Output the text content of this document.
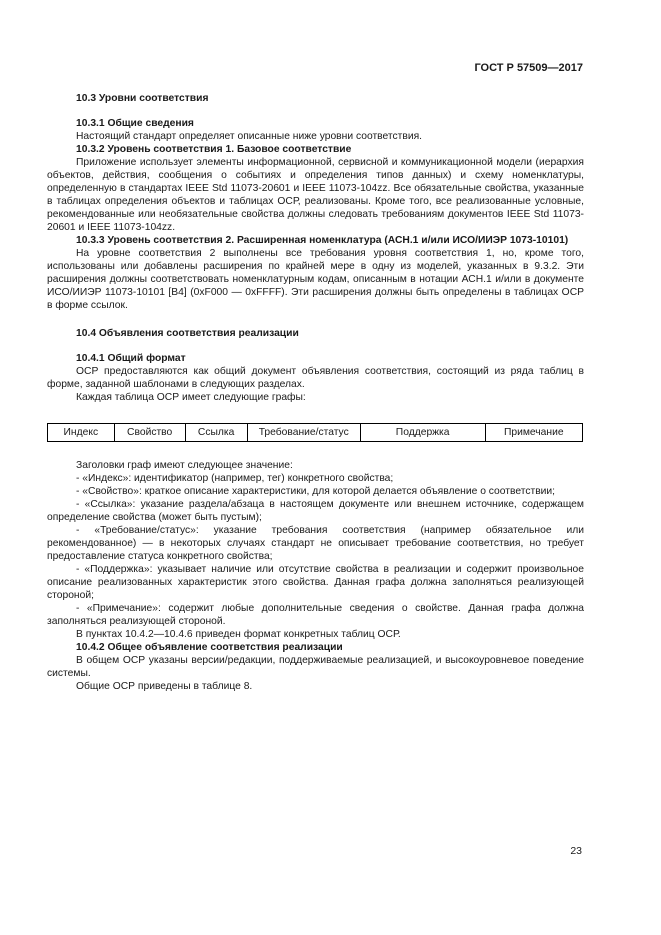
ГОСТ Р 57509—2017

10.3 Уровни соответствия

10.3.1 Общие сведения

Настоящий стандарт определяет описанные ниже уровни соответствия.

10.3.2 Уровень соответствия 1. Базовое соответствие

Приложение использует элементы информационной, сервисной и коммуникационной модели (иерархия объектов, действия, сообщения о событиях и определения типов данных) и схему номенклатуры, определенную в стандартах IEEE Std 11073-20601 и IEEE 11073-104zz. Все обязательные свойства, указанные в таблицах определения объектов и таблицах ОСР, реализованы. Кроме того, все реализованные условные, рекомендованные или необязательные свойства должны следовать требованиям документов IEEE Std 11073-20601 и IEEE 11073-104zz.

10.3.3 Уровень соответствия 2. Расширенная номенклатура (АСН.1 и/или ИСО/ИИЭР 1073-10101)

На уровне соответствия 2 выполнены все требования уровня соответствия 1, но, кроме того, использованы или добавлены расширения по крайней мере в одну из моделей, указанных в 9.3.2. Эти расширения должны соответствовать номенклатурным кодам, описанным в нотации АСН.1 и/или в документе ИСО/ИИЭР 11073-10101 [B4] (0xF000 — 0xFFFF). Эти расширения должны быть определены в таблицах ОСР в форме ссылок.

10.4 Объявления соответствия реализации

10.4.1 Общий формат

ОСР предоставляются как общий документ объявления соответствия, состоящий из ряда таблиц в форме, заданной шаблонами в следующих разделах.

Каждая таблица ОСР имеет следующие графы:

Индекс	Свойство	Ссылка	Требование/статус	Поддержка	Примечание

Заголовки граф имеют следующее значение:

- «Индекс»: идентификатор (например, тег) конкретного свойства;

- «Свойство»: краткое описание характеристики, для которой делается объявление о соответствии;

- «Ссылка»: указание раздела/абзаца в настоящем документе или внешнем источнике, содержащем определение свойства (может быть пустым);

- «Требование/статус»: указание требования соответствия (например обязательное или рекомендованное) — в некоторых случаях стандарт не описывает требование соответствия, но требует предоставление статуса конкретного свойства;

- «Поддержка»: указывает наличие или отсутствие свойства в реализации и содержит произвольное описание реализованных характеристик этого свойства. Данная графа должна заполняться реализующей стороной;

- «Примечание»: содержит любые дополнительные сведения о свойстве. Данная графа должна заполняться реализующей стороной.

В пунктах 10.4.2—10.4.6 приведен формат конкретных таблиц ОСР.

10.4.2 Общее объявление соответствия реализации

В общем ОСР указаны версии/редакции, поддерживаемые реализацией, и высокоуровневое поведение системы.

Общие ОСР приведены в таблице 8.

23
